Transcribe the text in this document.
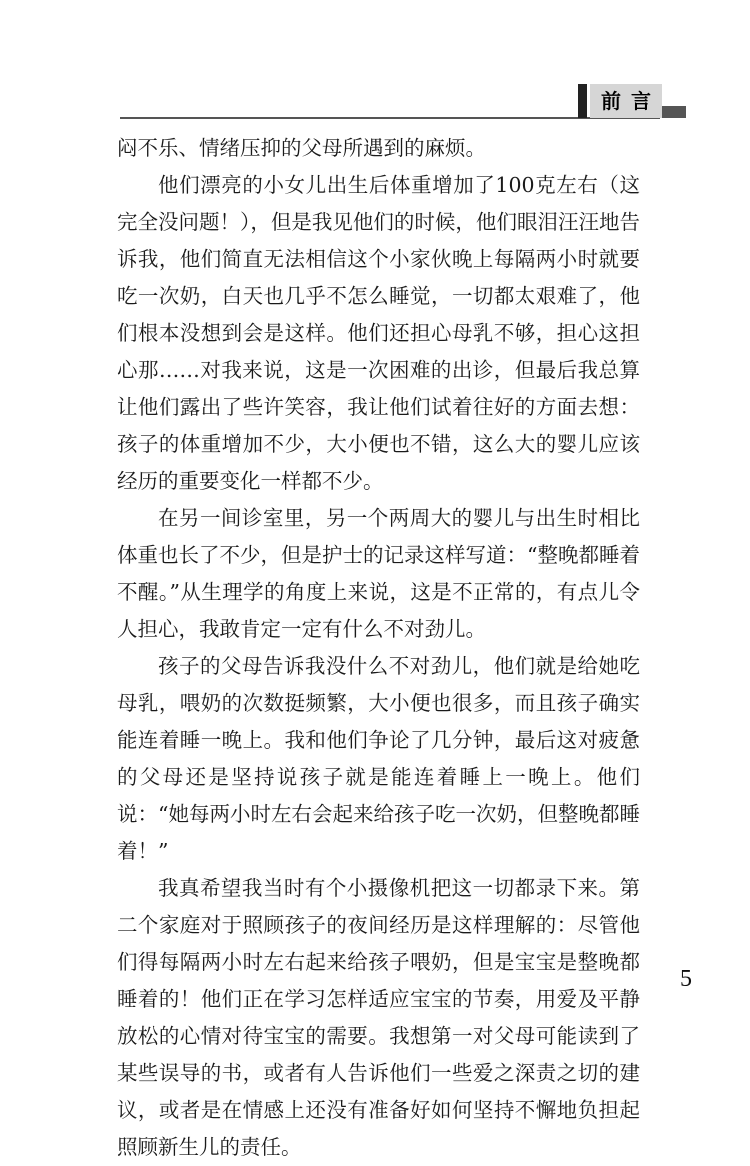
前言

闷不乐、情绪压抑的父母所遇到的麻烦。

他们漂亮的小女儿出生后体重增加了100克左右（这完全没问题！），但是我见他们的时候，他们眼泪汪汪地告诉我，他们简直无法相信这个小家伙晚上每隔两小时就要吃一次奶，白天也几乎不怎么睡觉，一切都太艰难了，他们根本没想到会是这样。他们还担心母乳不够，担心这担心那……对我来说，这是一次困难的出诊，但最后我总算让他们露出了些许笑容，我让他们试着往好的方面去想：孩子的体重增加不少，大小便也不错，这么大的婴儿应该经历的重要变化一样都不少。

在另一间诊室里，另一个两周大的婴儿与出生时相比体重也长了不少，但是护士的记录这样写道：“整晚都睡着不醒。”从生理学的角度上来说，这是不正常的，有点儿令人担心，我敢肯定一定有什么不对劲儿。

孩子的父母告诉我没什么不对劲儿，他们就是给她吃母乳，喂奶的次数挺频繁，大小便也很多，而且孩子确实能连着睡一晚上。我和他们争论了几分钟，最后这对疲惫的父母还是坚持说孩子就是能连着睡上一晚上。他们说：“她每两小时左右会起来给孩子吃一次奶，但整晚都睡着！”

我真希望我当时有个小摄像机把这一切都录下来。第二个家庭对于照顾孩子的夜间经历是这样理解的：尽管他们得每隔两小时左右起来给孩子喂奶，但是宝宝是整晚都睡着的！他们正在学习怎样适应宝宝的节奏，用爱及平静放松的心情对待宝宝的需要。我想第一对父母可能读到了某些误导的书，或者有人告诉他们一些爱之深责之切的建议，或者是在情感上还没有准备好如何坚持不懈地负担起照顾新生儿的责任。

5
